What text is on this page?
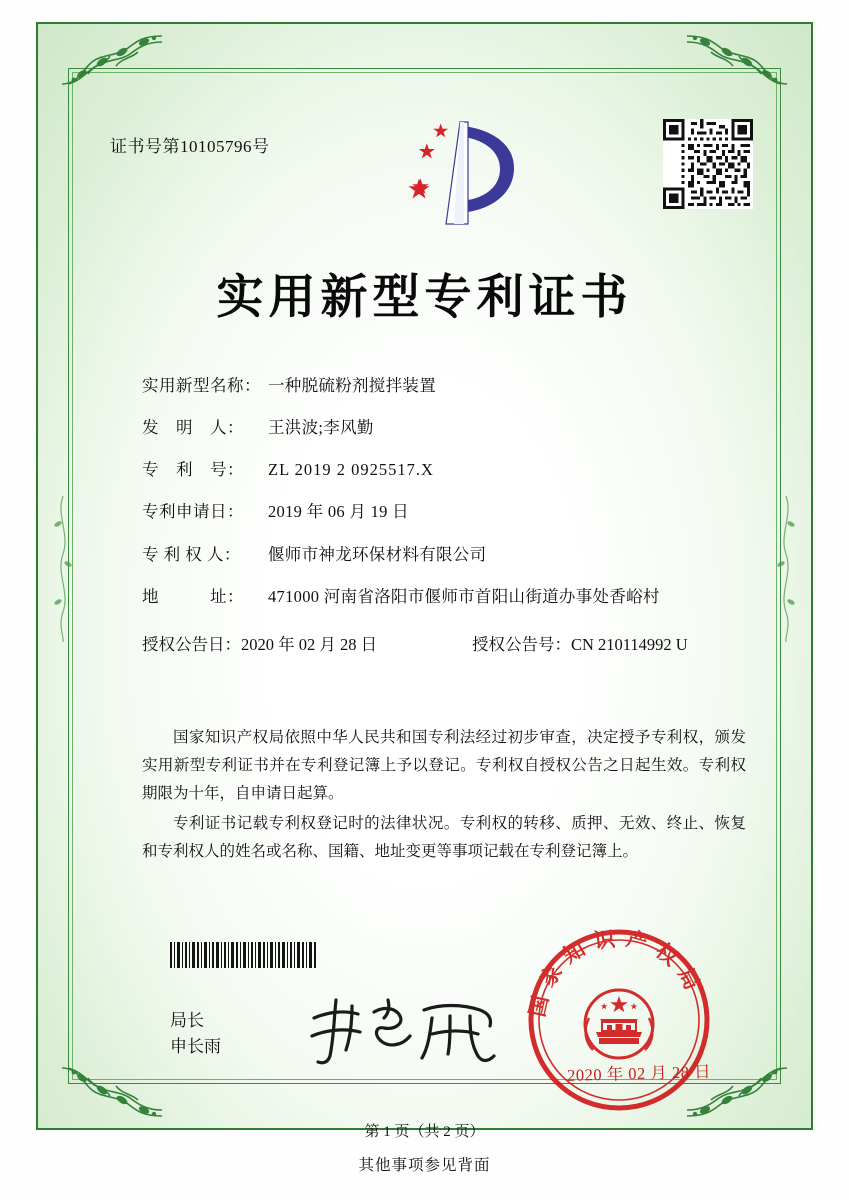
证书号第10105796号
实用新型专利证书
实用新型名称： 一种脱硫粉剂搅拌装置
发　明　人：	王洪波;李风勤
专　利　号：	ZL 2019 2 0925517.X
专利申请日：	2019 年 06 月 19 日
专 利 权 人：	偃师市神龙环保材料有限公司
地　　　址：	471000 河南省洛阳市偃师市首阳山街道办事处香峪村
授权公告日：2020 年 02 月 28 日	授权公告号：CN 210114992 U

国家知识产权局依照中华人民共和国专利法经过初步审查，决定授予专利权，颁发实用新型专利证书并在专利登记簿上予以登记。专利权自授权公告之日起生效。专利权期限为十年，自申请日起算。

专利证书记载专利权登记时的法律状况。专利权的转移、质押、无效、终止、恢复和专利权人的姓名或名称、国籍、地址变更等事项记载在专利登记簿上。

局长
申长雨
国家知识产权局
2020 年 02 月 28 日
第 1 页（共 2 页）
其他事项参见背面
